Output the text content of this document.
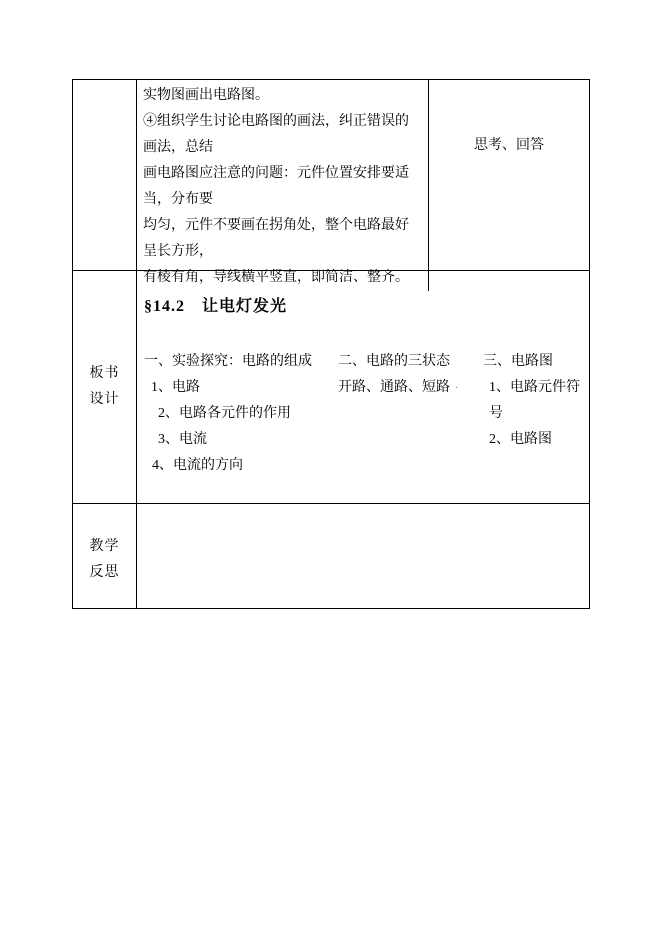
实物图画出电路图。

④组织学生讨论电路图的画法，纠正错误的画法，总结

画电路图应注意的问题：元件位置安排要适当，分布要

均匀，元件不要画在拐角处，整个电路最好呈长方形，

有棱有角，导线横平竖直，即简洁、整齐。

思考、回答
板书
设计
§14.2　让电灯发光
一、实验探究：电路的组成
1、电路
2、电路各元件的作用
3、电流
4、电流的方向
二、电路的三状态
开路、通路、短路 .
三、电路图
1、电路元件符号
2、电路图
教学
反思
